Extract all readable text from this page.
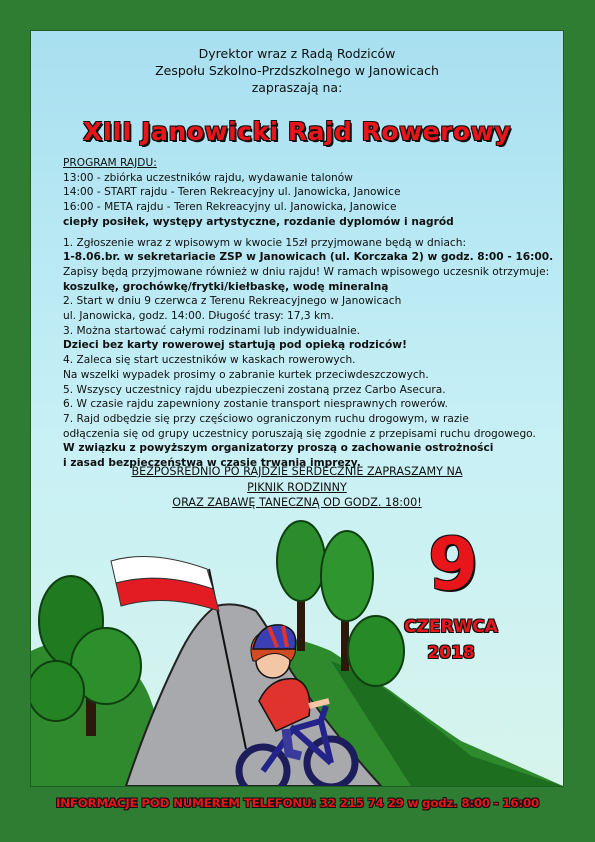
Dyrektor wraz z Radą Rodziców
Zespołu Szkolno-Przdszkolnego w Janowicach
zapraszają na:
XIII Janowicki Rajd Rowerowy
PROGRAM RAJDU:
13:00 - zbiórka uczestników rajdu, wydawanie talonów
14:00 - START rajdu - Teren Rekreacyjny ul. Janowicka, Janowice
16:00 - META rajdu - Teren Rekreacyjny ul. Janowicka, Janowice
ciepły posiłek, występy artystyczne, rozdanie dyplomów i nagród
1. Zgłoszenie wraz z wpisowym w kwocie 15zł przyjmowane będą w dniach:
1-8.06.br. w sekretariacie ZSP w Janowicach (ul. Korczaka 2) w godz. 8:00 - 16:00.
Zapisy będą przyjmowane również w dniu rajdu! W ramach wpisowego uczesnik otrzymuje:
koszulkę, grochówkę/frytki/kiełbaskę, wodę mineralną
2. Start w dniu 9 czerwca z Terenu Rekreacyjnego w Janowicach
ul. Janowicka, godz. 14:00. Długość trasy: 17,3 km.
3. Można startować całymi rodzinami lub indywidualnie.
Dzieci bez karty rowerowej startują pod opieką rodziców!
4. Zaleca się start uczestników w kaskach rowerowych.
Na wszelki wypadek prosimy o zabranie kurtek przeciwdeszczowych.
5. Wszyscy uczestnicy rajdu ubezpieczeni zostaną przez Carbo Asecura.
6. W czasie rajdu zapewniony zostanie transport niesprawnych rowerów.
7. Rajd odbędzie się przy częściowo ograniczonym ruchu drogowym, w razie
odłączenia się od grupy uczestnicy poruszają się zgodnie z przepisami ruchu drogowego.
W związku z powyższym organizatorzy proszą o zachowanie ostrożności
i zasad bezpieczeństwa w czasie trwania imprezy.
BEZPOŚREDNIO PO RAJDZIE SERDECZNIE ZAPRASZAMY NA
PIKNIK RODZINNY
ORAZ ZABAWĘ TANECZNĄ OD GODZ. 18:00!
9
CZERWCA
2018
INFORMACJE POD NUMEREM TELEFONU: 32 215 74 29 w godz. 8:00 - 16:00
